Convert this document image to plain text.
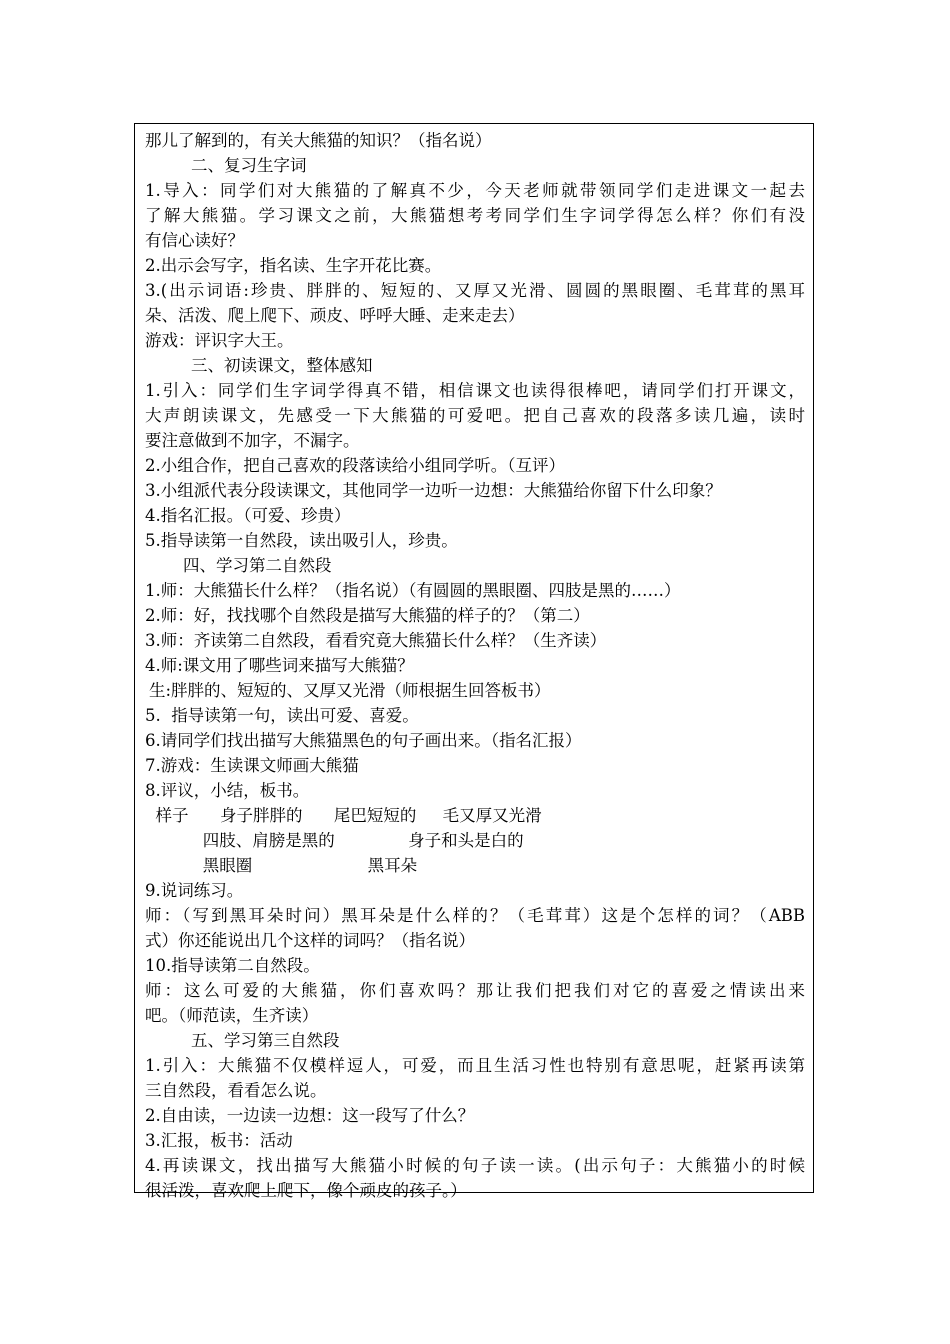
那儿了解到的，有关大熊猫的知识？（指名说）
二、复习生字词
1.导入：同学们对大熊猫的了解真不少，今天老师就带领同学们走进课文一起去
了解大熊猫。学习课文之前，大熊猫想考考同学们生字词学得怎么样？你们有没
有信心读好？
2.出示会写字，指名读、生字开花比赛。
3.(出示词语:珍贵、胖胖的、短短的、又厚又光滑、圆圆的黑眼圈、毛茸茸的黑耳
朵、活泼、爬上爬下、顽皮、呼呼大睡、走来走去）
游戏：评识字大王。
三、初读课文，整体感知
1.引入：同学们生字词学得真不错，相信课文也读得很棒吧，请同学们打开课文，
大声朗读课文，先感受一下大熊猫的可爱吧。把自己喜欢的段落多读几遍，读时
要注意做到不加字，不漏字。
2.小组合作，把自己喜欢的段落读给小组同学听。（互评）
3.小组派代表分段读课文，其他同学一边听一边想：大熊猫给你留下什么印象？
4.指名汇报。（可爱、珍贵）
5.指导读第一自然段，读出吸引人，珍贵。
四、学习第二自然段
1.师：大熊猫长什么样？（指名说）（有圆圆的黑眼圈、四肢是黑的……）
2.师：好，找找哪个自然段是描写大熊猫的样子的？（第二）
3.师：齐读第二自然段，看看究竟大熊猫长什么样？（生齐读）
4.师:课文用了哪些词来描写大熊猫？
生:胖胖的、短短的、又厚又光滑（师根据生回答板书）
5.  指导读第一句，读出可爱、喜爱。
6.请同学们找出描写大熊猫黑色的句子画出来。（指名汇报）
7.游戏：生读课文师画大熊猫
8.评议，小结，板书。
样子      身子胖胖的      尾巴短短的     毛又厚又光滑
四肢、肩膀是黑的              身子和头是白的
黑眼圈                      黑耳朵
9.说词练习。
师：（写到黑耳朵时问）黑耳朵是什么样的？（毛茸茸）这是个怎样的词？（ABB
式）你还能说出几个这样的词吗？（指名说）
10.指导读第二自然段。
师：这么可爱的大熊猫，你们喜欢吗？那让我们把我们对它的喜爱之情读出来
吧。（师范读，生齐读）
五、学习第三自然段
1.引入：大熊猫不仅模样逗人，可爱，而且生活习性也特别有意思呢，赶紧再读第
三自然段，看看怎么说。
2.自由读，一边读一边想：这一段写了什么？
3.汇报，板书：活动
4.再读课文，找出描写大熊猫小时候的句子读一读。(出示句子：大熊猫小的时候
很活泼，喜欢爬上爬下，像个顽皮的孩子。）
